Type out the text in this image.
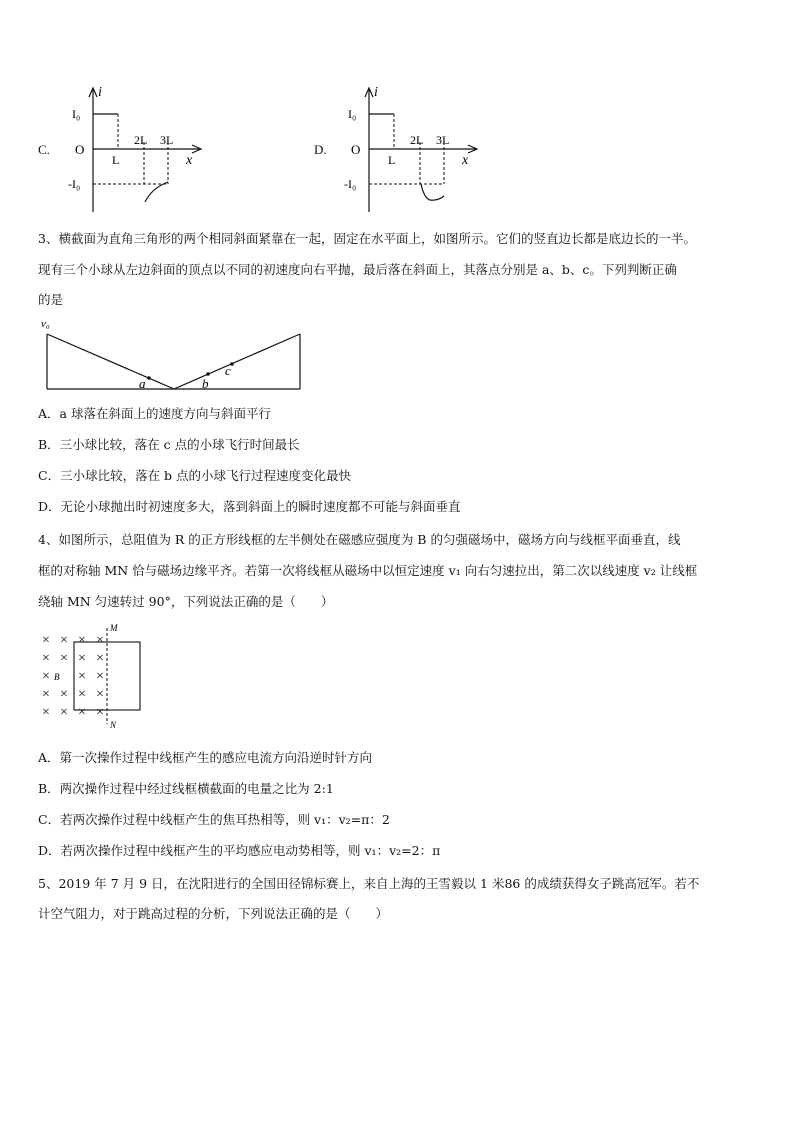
C.
i
I₀
O
L
2L 3L
x
-I₀
D.
i
I₀
O
L
2L 3L
x
-I₀
3、横截面为直角三角形的两个相同斜面紧靠在一起，固定在水平面上，如图所示。它们的竖直边长都是底边长的一半。
现有三个小球从左边斜面的顶点以不同的初速度向右平抛，最后落在斜面上，其落点分别是 a、b、c。下列判断正确
的是
v₀
a	b
c
A．a 球落在斜面上的速度方向与斜面平行
B．三小球比较，落在 c 点的小球飞行时间最长
C．三小球比较，落在 b 点的小球飞行过程速度变化最快
D．无论小球抛出时初速度多大，落到斜面上的瞬时速度都不可能与斜面垂直
4、如图所示，总阻值为 R 的正方形线框的左半侧处在磁感应强度为 B 的匀强磁场中，磁场方向与线框平面垂直，线
框的对称轴 MN 恰与磁场边缘平齐。若第一次将线框从磁场中以恒定速度 v₁ 向右匀速拉出，第二次以线速度 v₂ 让线框
绕轴 MN 匀速转过 90°，下列说法正确的是（　　）
× × × ×
× × × ×
× × ×
× × × ×
× × × ×
B
M
N
A．第一次操作过程中线框产生的感应电流方向沿逆时针方向
B．两次操作过程中经过线框横截面的电量之比为 2:1
C．若两次操作过程中线框产生的焦耳热相等，则 v₁：v₂=π：2
D．若两次操作过程中线框产生的平均感应电动势相等，则 v₁：v₂=2：π
5、2019 年 7 月 9 日，在沈阳进行的全国田径锦标赛上，来自上海的王雪毅以 1 米86 的成绩获得女子跳高冠军。若不
计空气阻力，对于跳高过程的分析，下列说法正确的是（　　）
